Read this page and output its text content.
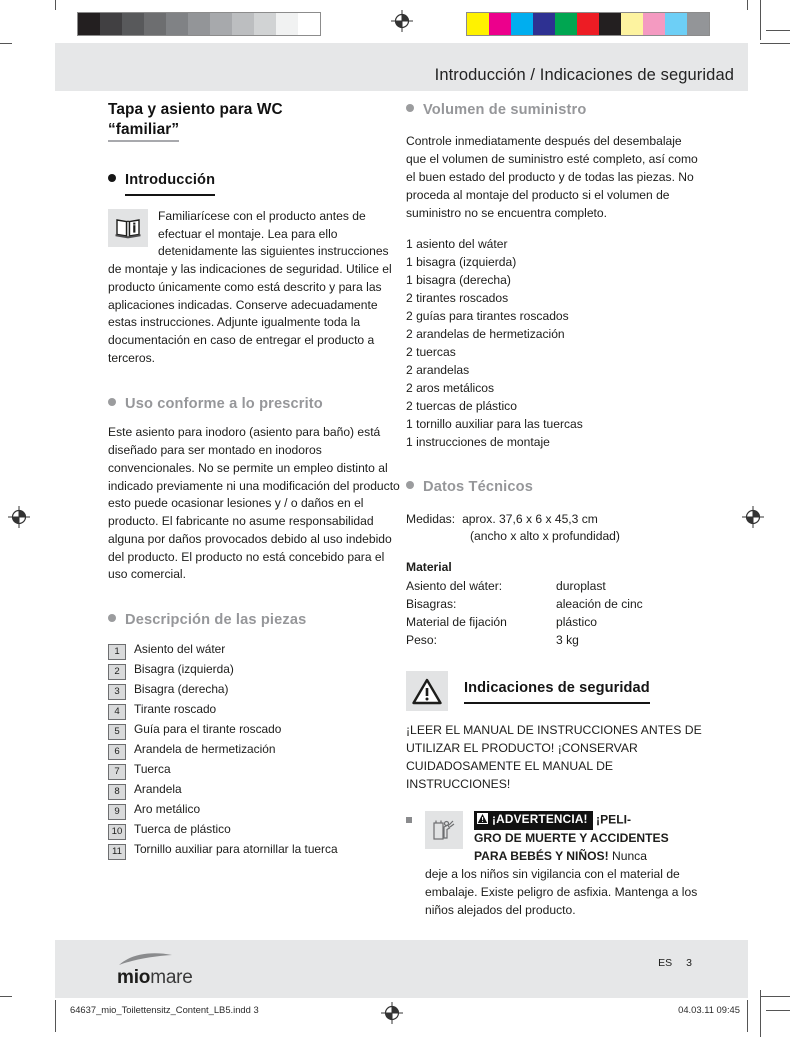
Introducción / Indicaciones de seguridad
Tapa y asiento para WC
“familiar”
Introducción

Familiarícese con el producto antes de efectuar el montaje. Lea para ello detenidamente las siguientes instrucciones de montaje y las indicaciones de seguridad. Utilice el producto únicamente como está descrito y para las aplicaciones indicadas. Conserve adecuadamente estas instrucciones. Adjunte igualmente toda la documentación en caso de entregar el producto a terceros.

Uso conforme a lo prescrito

Este asiento para inodoro (asiento para baño) está diseñado para ser montado en inodoros convencionales. No se permite un empleo distinto al indicado previamente ni una modificación del producto esto puede ocasionar lesiones y / o daños en el producto. El fabricante no asume responsabilidad alguna por daños provocados debido al uso indebido del producto. El producto no está concebido para el uso comercial.

Descripción de las piezas
1	Asiento del wáter
2	Bisagra (izquierda)
3	Bisagra (derecha)
4	Tirante roscado
5	Guía para el tirante roscado
6	Arandela de hermetización
7	Tuerca
8	Arandela
9	Aro metálico
10 Tuerca de plástico
11	Tornillo auxiliar para atornillar la tuerca
Volumen de suministro

Controle inmediatamente después del desembalaje que el volumen de suministro esté completo, así como el buen estado del producto y de todas las piezas. No proceda al montaje del producto si el volumen de suministro no se encuentra completo.

1 asiento del wáter
1 bisagra (izquierda)
1 bisagra (derecha)
2 tirantes roscados
2 guías para tirantes roscados
2 arandelas de hermetización
2 tuercas
2 arandelas
2 aros metálicos
2 tuercas de plástico
1 tornillo auxiliar para las tuercas
1 instrucciones de montaje
Datos Técnicos
Medidas: aprox. 37,6 x 6 x 45,3 cm
(ancho x alto x profundidad)
Material
Asiento del wáter:	duroplast
Bisagras:	aleación de cinc
Material de fijación	plástico
Peso:	3 kg
Indicaciones de seguridad
¡LEER EL MANUAL DE INSTRUCCIONES ANTES DE UTILIZAR EL PRODUCTO! ¡CONSERVAR CUIDADOSAMENTE EL MANUAL DE INSTRUCCIONES!
¡ADVERTENCIA! ¡PELI-
GRO DE MUERTE Y ACCIDENTES
PARA BEBÉS Y NIÑOS! Nunca
deje a los niños sin vigilancia con el material de embalaje. Existe peligro de asfixia. Mantenga a los niños alejados del producto.
miomare
ES 3
64637_mio_Toilettensitz_Content_LB5.indd 3	04.03.11 09:45
